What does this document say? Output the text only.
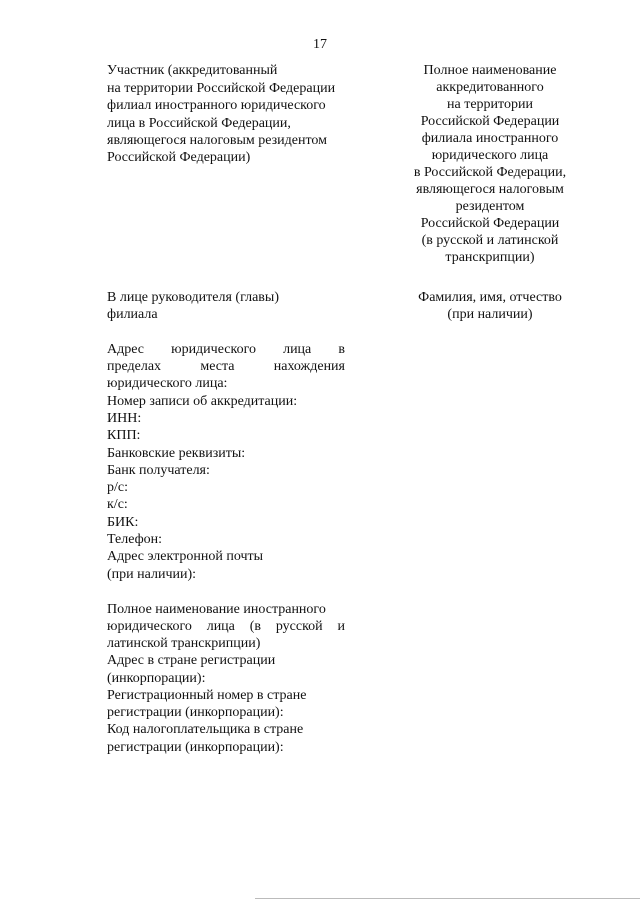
17
Участник (аккредитованный
на территории Российской Федерации
филиал иностранного юридического
лица в Российской Федерации,
являющегося налоговым резидентом
Российской Федерации)
Полное наименование
аккредитованного
на территории
Российской Федерации
филиала иностранного
юридического лица
в Российской Федерации,
являющегося налоговым
резидентом
Российской Федерации
(в русской и латинской
транскрипции)
В лице руководителя (главы)
филиала
Фамилия, имя, отчество
(при наличии)
Адрес юридического лица в
пределах	места	нахождения
юридического лица:
Номер записи об аккредитации:
ИНН:
КПП:
Банковские реквизиты:
Банк получателя:
р/с:
к/с:
БИК:
Телефон:
Адрес электронной почты
(при наличии):
Полное наименование иностранного
юридического лица (в русской и
латинской транскрипции)
Адрес в стране регистрации
(инкорпорации):
Регистрационный номер в стране
регистрации (инкорпорации):
Код налогоплательщика в стране
регистрации (инкорпорации):
